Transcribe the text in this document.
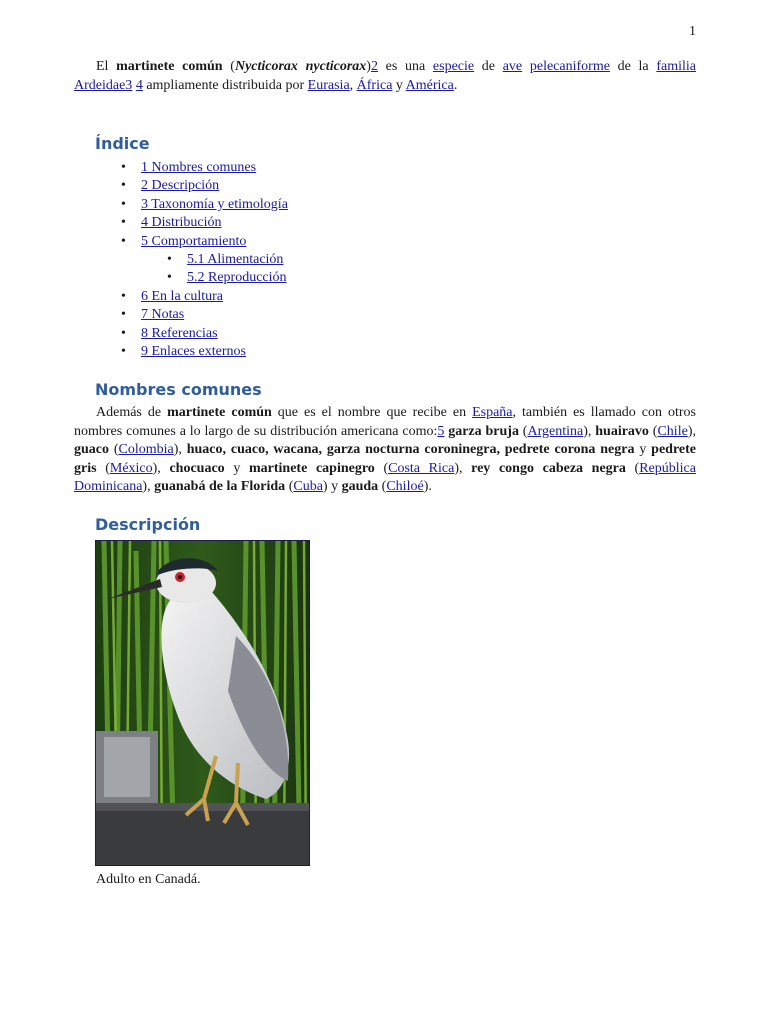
1

El martinete común (Nycticorax nycticorax)2 es una especie de ave pelecaniforme de la familia Ardeidae3 4 ampliamente distribuida por Eurasia, África y América.

Índice
• 1 Nombres comunes
• 2 Descripción
• 3 Taxonomía y etimología
• 4 Distribución
• 5 Comportamiento
• 5.1 Alimentación
• 5.2 Reproducción
• 6 En la cultura
• 7 Notas
• 8 Referencias
• 9 Enlaces externos
Nombres comunes

Además de martinete común que es el nombre que recibe en España, también es llamado con otros nombres comunes a lo largo de su distribución americana como:5 garza bruja (Argentina), huairavo (Chile), guaco (Colombia), huaco, cuaco, wacana, garza nocturna coroninegra, pedrete corona negra y pedrete gris (México), chocuaco y martinete capinegro (Costa Rica), rey congo cabeza negra (República Dominicana), guanabá de la Florida (Cuba) y gauda (Chiloé).

Descripción
Adulto en Canadá.
